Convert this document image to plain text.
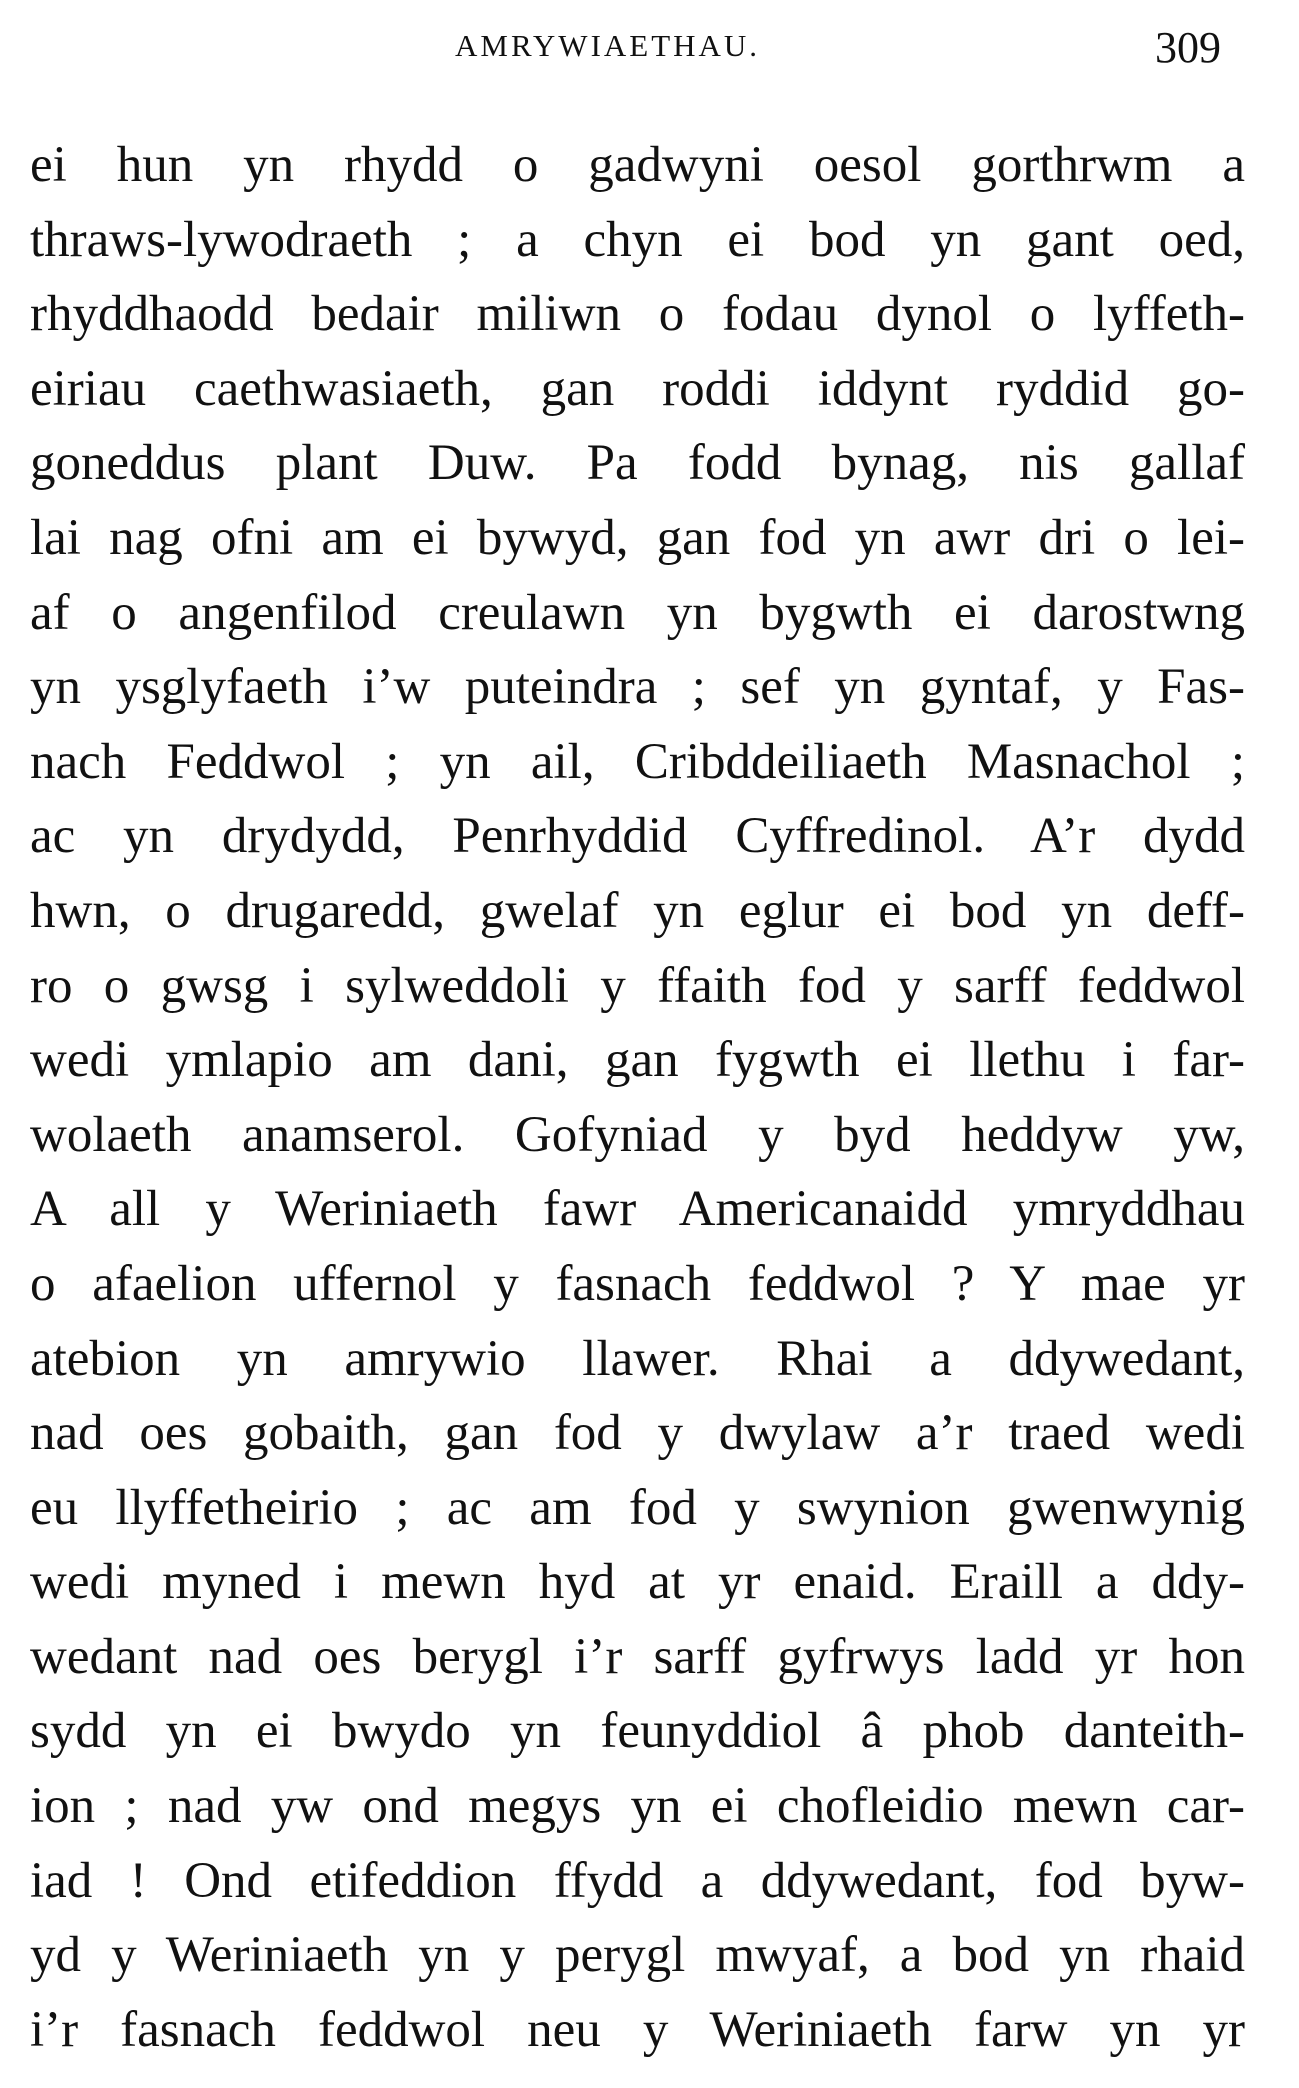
AMRYWIAETHAU.	309
ei hun yn rhydd o gadwyni oesol gorthrwm a
thraws-lywodraeth ; a chyn ei bod yn gant oed,
rhyddhaodd bedair miliwn o fodau dynol o lyffeth-
eiriau caethwasiaeth, gan roddi iddynt ryddid go-
goneddus plant Duw. Pa fodd bynag, nis gallaf
lai nag ofni am ei bywyd, gan fod yn awr dri o lei-
af o angenfilod creulawn yn bygwth ei darostwng
yn ysglyfaeth i’w puteindra ; sef yn gyntaf, y Fas-
nach Feddwol ; yn ail, Cribddeiliaeth Masnachol ;
ac yn drydydd, Penrhyddid Cyffredinol. A’r dydd
hwn, o drugaredd, gwelaf yn eglur ei bod yn deff-
ro o gwsg i sylweddoli y ffaith fod y sarff feddwol
wedi ymlapio am dani, gan fygwth ei llethu i far-
wolaeth anamserol. Gofyniad y byd heddyw yw,
A all y Weriniaeth fawr Americanaidd ymryddhau
o afaelion uffernol y fasnach feddwol ? Y mae yr
atebion yn amrywio llawer. Rhai a ddywedant,
nad oes gobaith, gan fod y dwylaw a’r traed wedi
eu llyffetheirio ; ac am fod y swynion gwenwynig
wedi myned i mewn hyd at yr enaid. Eraill a ddy-
wedant nad oes berygl i’r sarff gyfrwys ladd yr hon
sydd yn ei bwydo yn feunyddiol â phob danteith-
ion ; nad yw ond megys yn ei chofleidio mewn car-
iad ! Ond etifeddion ffydd a ddywedant, fod byw-
yd y Weriniaeth yn y perygl mwyaf, a bod yn rhaid
i’r fasnach feddwol neu y Weriniaeth farw yn yr
